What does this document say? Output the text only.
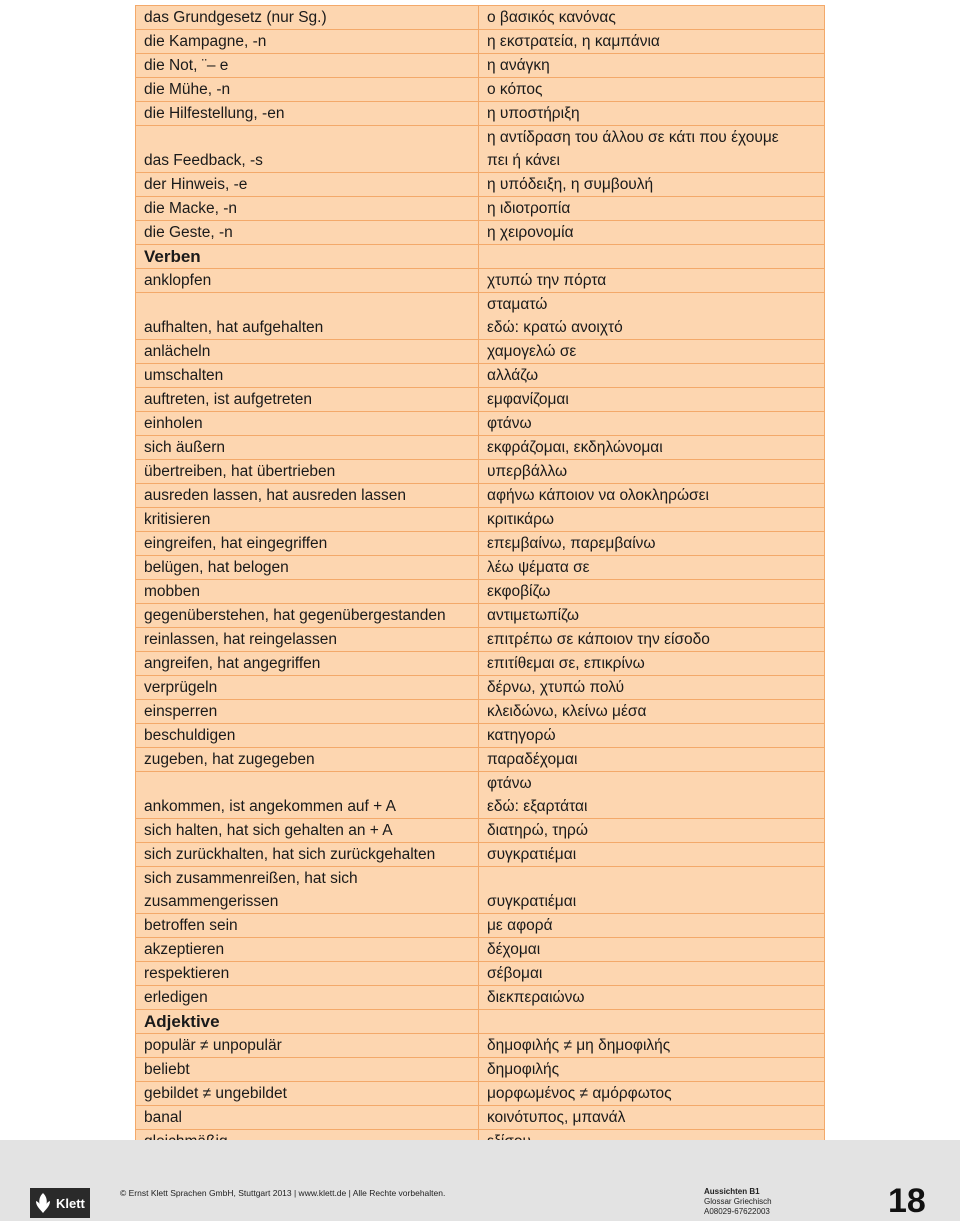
das Grundgesetz (nur Sg.)	ο βασικός κανόνας
die Kampagne, -n	η εκστρατεία, η καμπάνια
die Not, ¨– e	η ανάγκη
die Mühe, -n	ο κόπος
die Hilfestellung, -en	η υποστήριξη
das Feedback, -s	η αντίδραση του άλλου σε κάτι που έχουμε
πει ή κάνει
der Hinweis, -e	η υπόδειξη, η συμβουλή
die Macke, -n	η ιδιοτροπία
die Geste, -n	η χειρονομία
Verben	
anklopfen	χτυπώ την πόρτα
aufhalten, hat aufgehalten	σταματώ
εδώ: κρατώ ανοιχτό
anlächeln	χαμογελώ σε
umschalten	αλλάζω
auftreten, ist aufgetreten	εμφανίζομαι
einholen	φτάνω
sich äußern	εκφράζομαι, εκδηλώνομαι
übertreiben, hat übertrieben	υπερβάλλω
ausreden lassen, hat ausreden lassen	αφήνω κάποιον να ολοκληρώσει
kritisieren	κριτικάρω
eingreifen, hat eingegriffen	επεμβαίνω, παρεμβαίνω
belügen, hat belogen	λέω ψέματα σε
mobben	εκφοβίζω
gegenüberstehen, hat gegenübergestanden	αντιμετωπίζω
reinlassen, hat reingelassen	επιτρέπω σε κάποιον την είσοδο
angreifen, hat angegriffen	επιτίθεμαι σε, επικρίνω
verprügeln	δέρνω, χτυπώ πολύ
einsperren	κλειδώνω, κλείνω μέσα
beschuldigen	κατηγορώ
zugeben, hat zugegeben	παραδέχομαι
ankommen, ist angekommen auf + A	φτάνω
εδώ: εξαρτάται
sich halten, hat sich gehalten an + A	διατηρώ, τηρώ
sich zurückhalten, hat sich zurückgehalten	συγκρατιέμαι
sich zusammenreißen, hat sich
zusammengerissen	συγκρατιέμαι
betroffen sein	με αφορά
akzeptieren	δέχομαι
respektieren	σέβομαι
erledigen	διεκπεραιώνω
Adjektive	
populär ≠ unpopulär	δημοφιλής ≠ μη δημοφιλής
beliebt	δημοφιλής
gebildet ≠ ungebildet	μορφωμένος ≠ αμόρφωτος
banal	κοινότυπος, μπανάλ

Klett
© Ernst Klett Sprachen GmbH, Stuttgart 2013 | www.klett.de | Alle Rechte vorbehalten.	Aussichten B1
Glossar Griechisch
A08029-67622003	18
